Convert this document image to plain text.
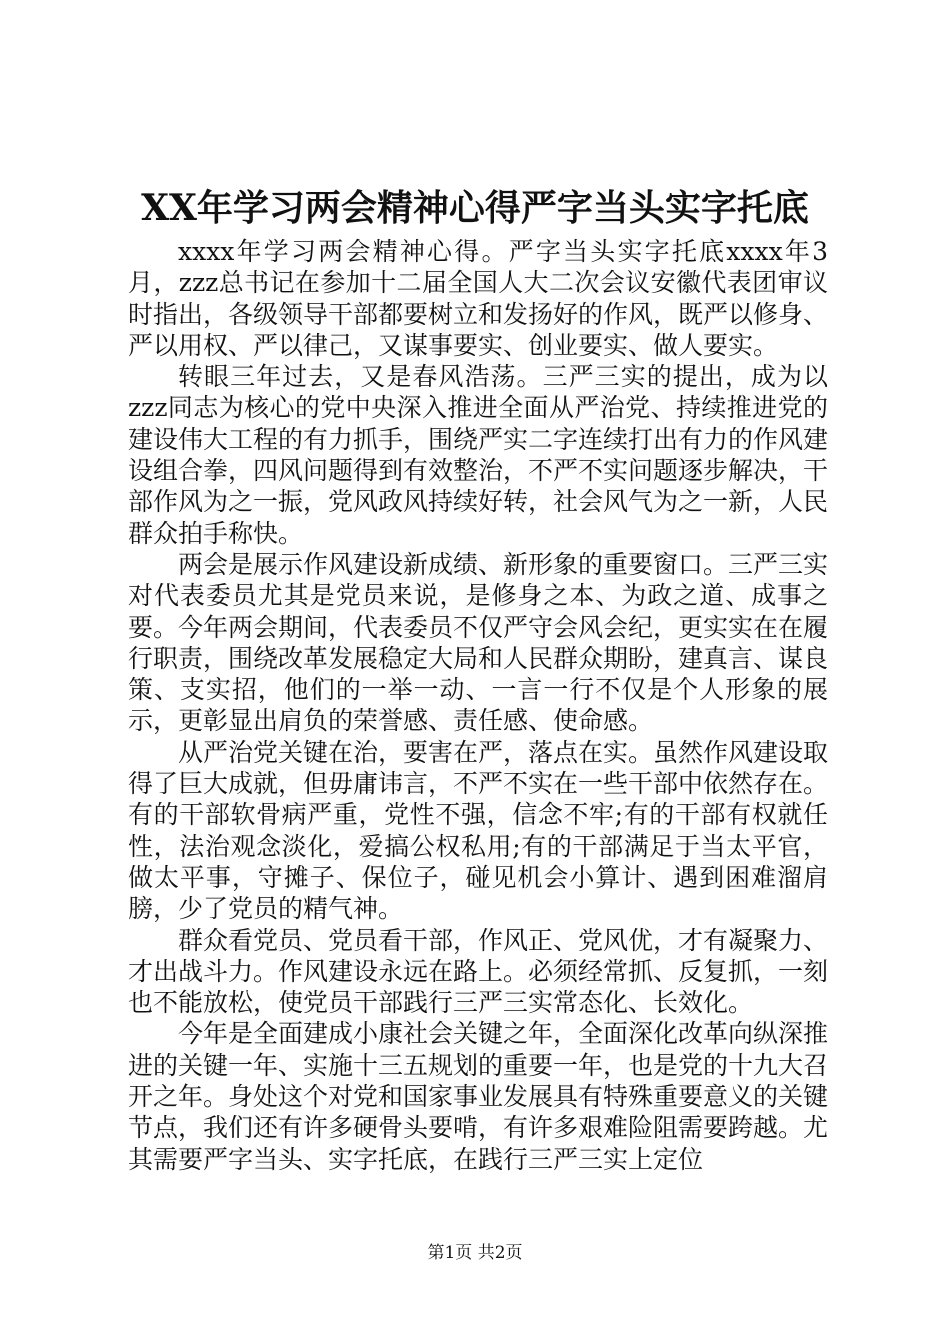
XX年学习两会精神心得严字当头实字托底

xxxx年学习两会精神心得。严字当头实字托底xxxx年3月，zzz总书记在参加十二届全国人大二次会议安徽代表团审议时指出，各级领导干部都要树立和发扬好的作风，既严以修身、严以用权、严以律己，又谋事要实、创业要实、做人要实。

转眼三年过去，又是春风浩荡。三严三实的提出，成为以zzz同志为核心的党中央深入推进全面从严治党、持续推进党的建设伟大工程的有力抓手，围绕严实二字连续打出有力的作风建设组合拳，四风问题得到有效整治，不严不实问题逐步解决，干部作风为之一振，党风政风持续好转，社会风气为之一新，人民群众拍手称快。

两会是展示作风建设新成绩、新形象的重要窗口。三严三实对代表委员尤其是党员来说，是修身之本、为政之道、成事之要。今年两会期间，代表委员不仅严守会风会纪，更实实在在履行职责，围绕改革发展稳定大局和人民群众期盼，建真言、谋良策、支实招，他们的一举一动、一言一行不仅是个人形象的展示，更彰显出肩负的荣誉感、责任感、使命感。

从严治党关键在治，要害在严，落点在实。虽然作风建设取得了巨大成就，但毋庸讳言，不严不实在一些干部中依然存在。有的干部软骨病严重，党性不强，信念不牢;有的干部有权就任性，法治观念淡化，爱搞公权私用;有的干部满足于当太平官，做太平事，守摊子、保位子，碰见机会小算计、遇到困难溜肩膀，少了党员的精气神。

群众看党员、党员看干部，作风正、党风优，才有凝聚力、才出战斗力。作风建设永远在路上。必须经常抓、反复抓，一刻也不能放松，使党员干部践行三严三实常态化、长效化。

今年是全面建成小康社会关键之年，全面深化改革向纵深推进的关键一年、实施十三五规划的重要一年，也是党的十九大召开之年。身处这个对党和国家事业发展具有特殊重要意义的关键节点，我们还有许多硬骨头要啃，有许多艰难险阻需要跨越。尤其需要严字当头、实字托底，在践行三严三实上定位

第1页 共2页
